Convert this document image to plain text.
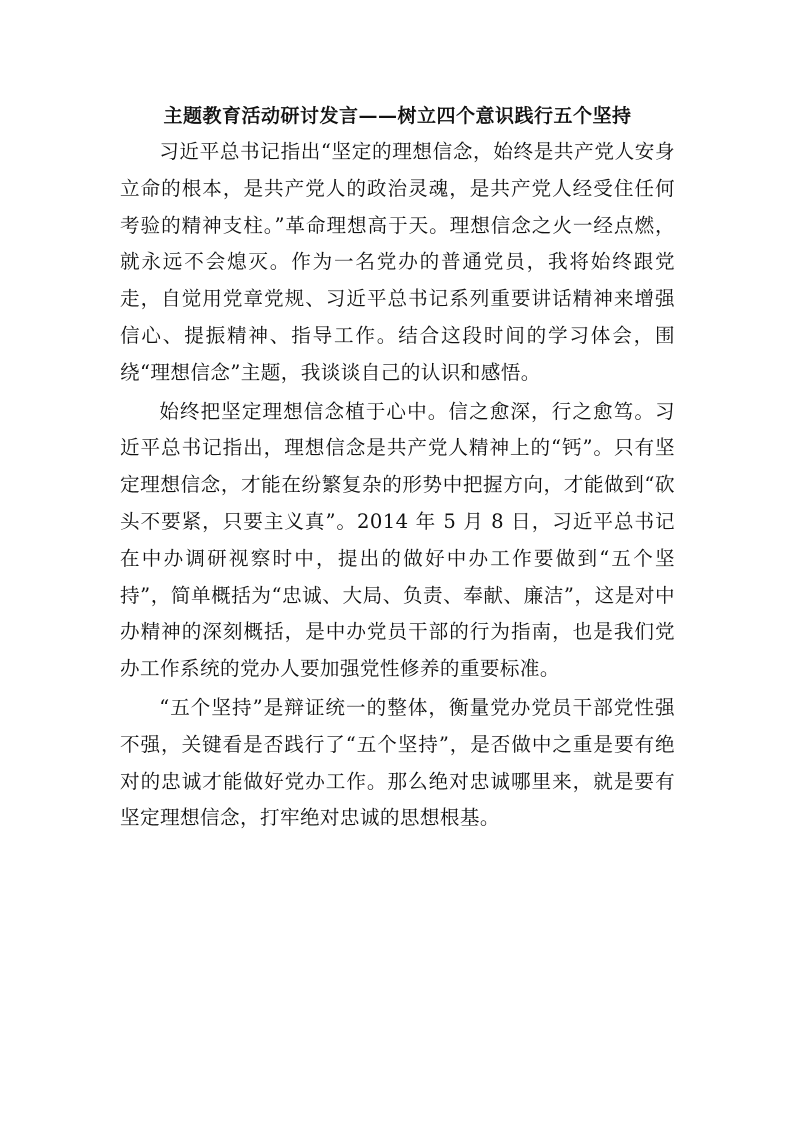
主题教育活动研讨发言——树立四个意识践行五个坚持

习近平总书记指出“坚定的理想信念，始终是共产党人安身立命的根本，是共产党人的政治灵魂，是共产党人经受住任何考验的精神支柱。”革命理想高于天。理想信念之火一经点燃，就永远不会熄灭。作为一名党办的普通党员，我将始终跟党走，自觉用党章党规、习近平总书记系列重要讲话精神来增强信心、提振精神、指导工作。结合这段时间的学习体会，围绕“理想信念”主题，我谈谈自己的认识和感悟。

始终把坚定理想信念植于心中。信之愈深，行之愈笃。习近平总书记指出，理想信念是共产党人精神上的“钙”。只有坚定理想信念，才能在纷繁复杂的形势中把握方向，才能做到“砍头不要紧，只要主义真”。2014 年 5 月 8 日，习近平总书记在中办调研视察时中，提出的做好中办工作要做到“五个坚持”，简单概括为“忠诚、大局、负责、奉献、廉洁”，这是对中办精神的深刻概括，是中办党员干部的行为指南，也是我们党办工作系统的党办人要加强党性修养的重要标准。

“五个坚持”是辩证统一的整体，衡量党办党员干部党性强不强，关键看是否践行了“五个坚持”，是否做中之重是要有绝对的忠诚才能做好党办工作。那么绝对忠诚哪里来，就是要有坚定理想信念，打牢绝对忠诚的思想根基。
